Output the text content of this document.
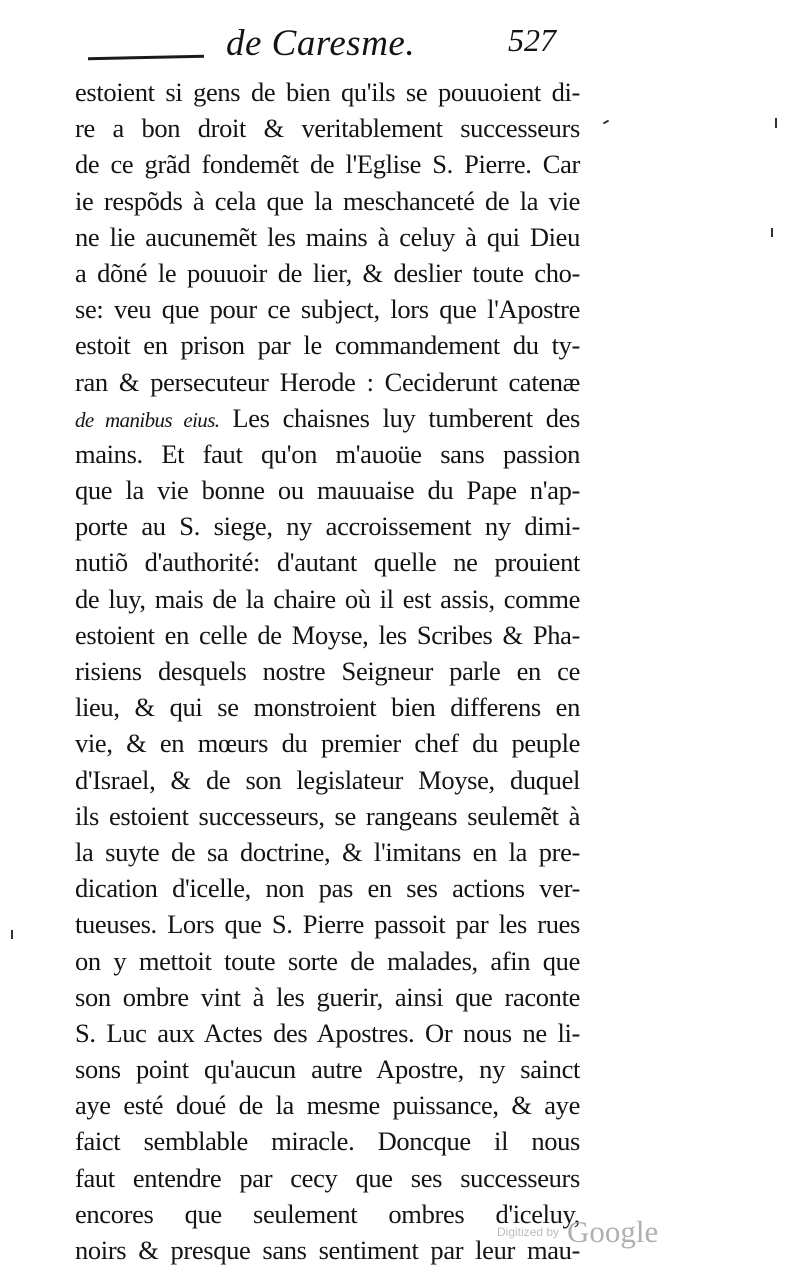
de Caresme.	527
estoient si gens de bien qu'ils se pouuoient di-
re a bon droit & veritablement successeurs
de ce grãd fondemẽt de l'Eglise S. Pierre. Car
ie respõds à cela que la meschanceté de la vie
ne lie aucunemẽt les mains à celuy à qui Dieu
a dõné le pouuoir de lier, & deslier toute cho-
se: veu que pour ce subject, lors que l'Apostre
estoit en prison par le commandement du ty-
ran & persecuteur Herode : Ceciderunt catenæ
de manibus eius. Les chaisnes luy tumberent des
mains. Et faut qu'on m'auoüe sans passion
que la vie bonne ou mauuaise du Pape n'ap-
porte au S. siege, ny accroissement ny dimi-
nutiõ d'authorité: d'autant quelle ne prouient
de luy, mais de la chaire où il est assis, comme
estoient en celle de Moyse, les Scribes & Pha-
risiens desquels nostre Seigneur parle en ce
lieu, & qui se monstroient bien differens en
vie, & en mœurs du premier chef du peuple
d'Israel, & de son legislateur Moyse, duquel
ils estoient successeurs, se rangeans seulemẽt à
la suyte de sa doctrine, & l'imitans en la pre-
dication d'icelle, non pas en ses actions ver-
tueuses. Lors que S. Pierre passoit par les rues
on y mettoit toute sorte de malades, afin que
son ombre vint à les guerir, ainsi que raconte
S. Luc aux Actes des Apostres. Or nous ne li-
sons point qu'aucun autre Apostre, ny sainct
aye esté doué de la mesme puissance, & aye
faict semblable miracle. Doncque il nous
faut entendre par cecy que ses successeurs
encores que seulement ombres d'iceluy,
noirs & presque sans sentiment par leur mau-
Digitized by Google
